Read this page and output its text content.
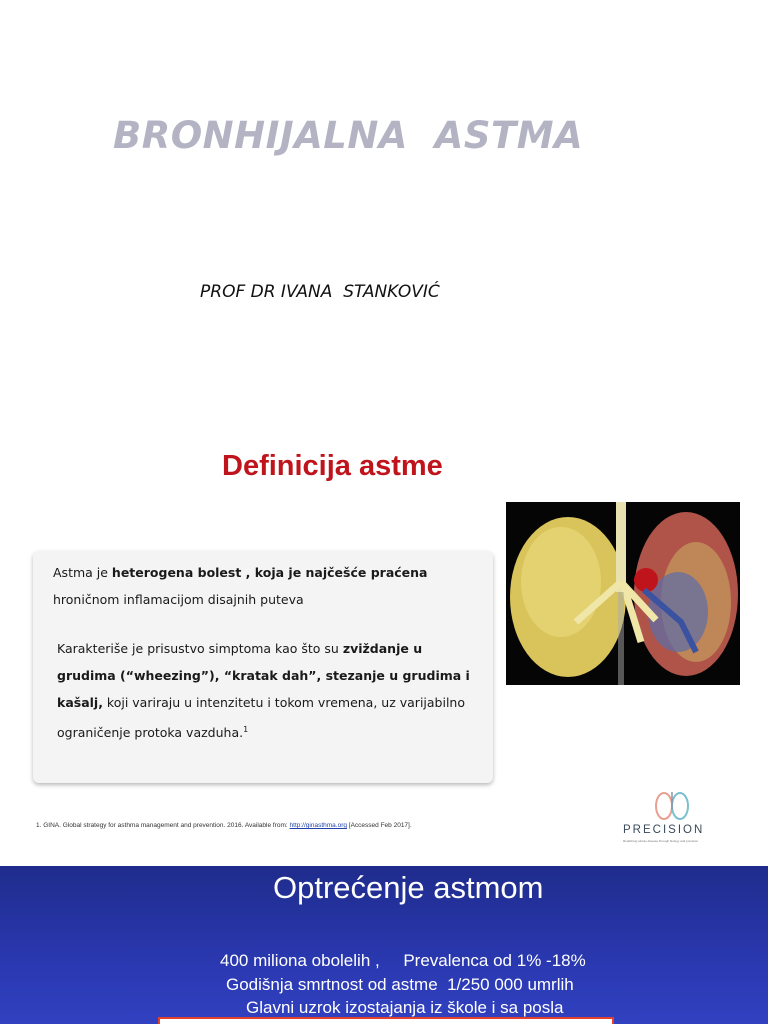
BRONHIJALNA  ASTMA
PROF DR IVANA  STANKOVIĆ
Definicija astme

Astma je heterogena bolest , koja je najčešće praćena
hroničnom inflamacijom disajnih puteva

Karakteriše je prisustvo simptoma kao što su zviždanje u grudima (“wheezing”), “kratak dah”, stezanje u grudima i kašalj, koji variraju u intenzitetu i tokom vremena, uz varijabilno ograničenje protoka vazduha.$^1$

1. GINA. Global strategy for asthma management and prevention. 2016. Available from: http://ginasthma.org [Accessed Feb 2017].	PRECISION
Redefining airway disease through biology and precision
Optrećenje astmom
400 miliona obolelih ,     Prevalenca od 1% -18%
Godišnja smrtnost od astme  1/250 000 umrlih
Glavni uzrok izostajanja iz škole i sa posla
